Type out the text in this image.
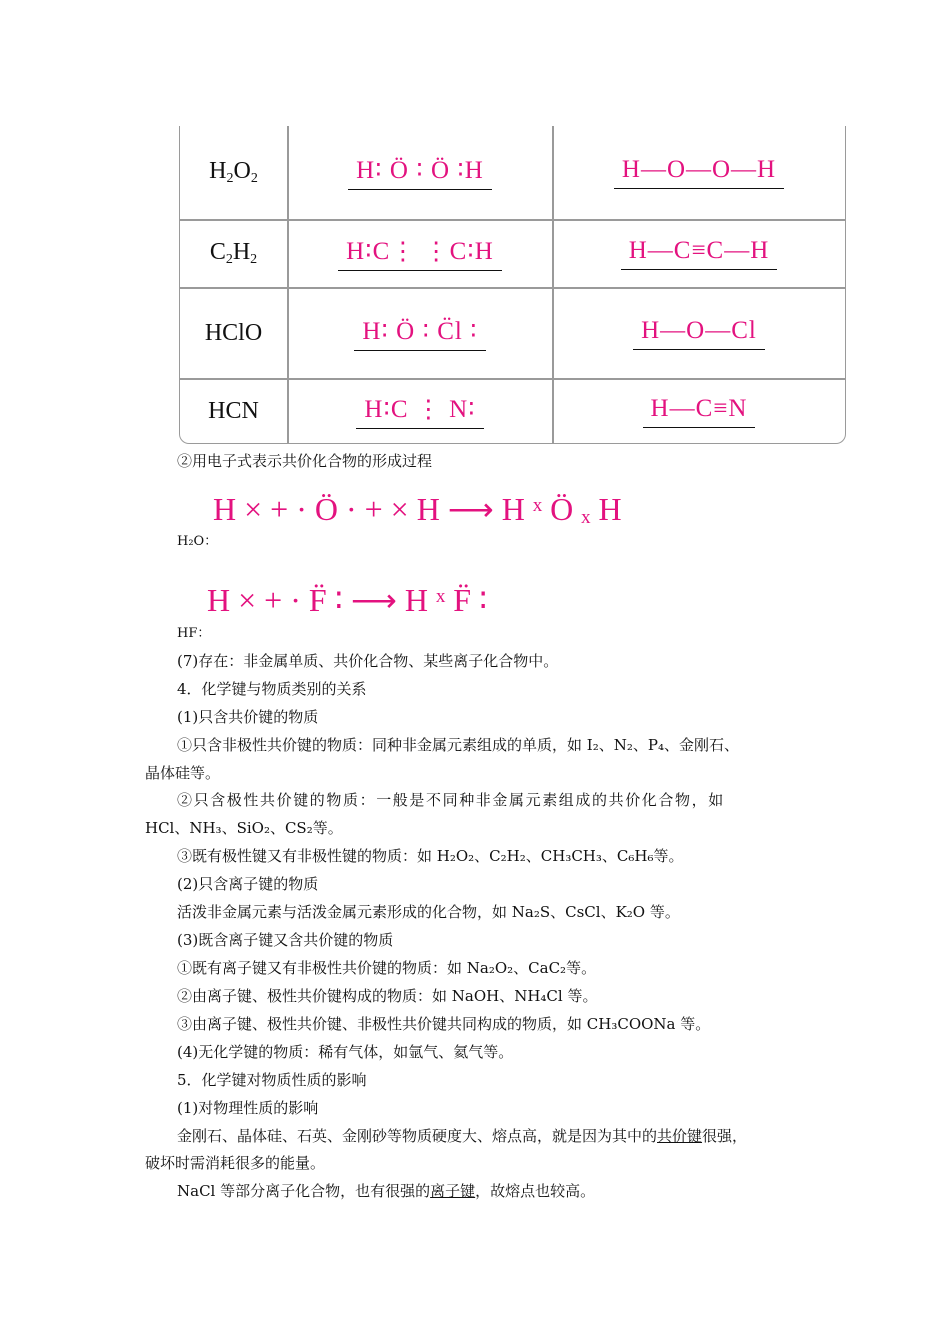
$H_2O_2$	H∶ Ö ∶ Ö ∶H	H—O—O—H
$C_2H_2$	H∶C⋮ ⋮C∶H	H—C≡C—H
HClO	H∶ Ö ∶ C̈l ∶	H—O—Cl
HCN	H∶C ⋮ N∶	H—C≡N
②用电子式表示共价化合物的形成过程
H × + · Ö · + × H ⟶ H ˣ Ö ₓ H
H₂O：
H × + · F̈ ∶ ⟶ H ˣ F̈ ∶
HF：
(7)存在：非金属单质、共价化合物、某些离子化合物中。
4．化学键与物质类别的关系
(1)只含共价键的物质
①只含非极性共价键的物质：同种非金属元素组成的单质，如 I₂、N₂、P₄、金刚石、
晶体硅等。
②只含极性共价键的物质：一般是不同种非金属元素组成的共价化合物，如
HCl、NH₃、SiO₂、CS₂等。
③既有极性键又有非极性键的物质：如 H₂O₂、C₂H₂、CH₃CH₃、C₆H₆等。
(2)只含离子键的物质
活泼非金属元素与活泼金属元素形成的化合物，如 Na₂S、CsCl、K₂O 等。
(3)既含离子键又含共价键的物质
①既有离子键又有非极性共价键的物质：如 Na₂O₂、CaC₂等。
②由离子键、极性共价键构成的物质：如 NaOH、NH₄Cl 等。
③由离子键、极性共价键、非极性共价键共同构成的物质，如 CH₃COONa 等。
(4)无化学键的物质：稀有气体，如氩气、氦气等。
5．化学键对物质性质的影响
(1)对物理性质的影响
金刚石、晶体硅、石英、金刚砂等物质硬度大、熔点高，就是因为其中的共价键很强，
破坏时需消耗很多的能量。
NaCl 等部分离子化合物，也有很强的离子键，故熔点也较高。
